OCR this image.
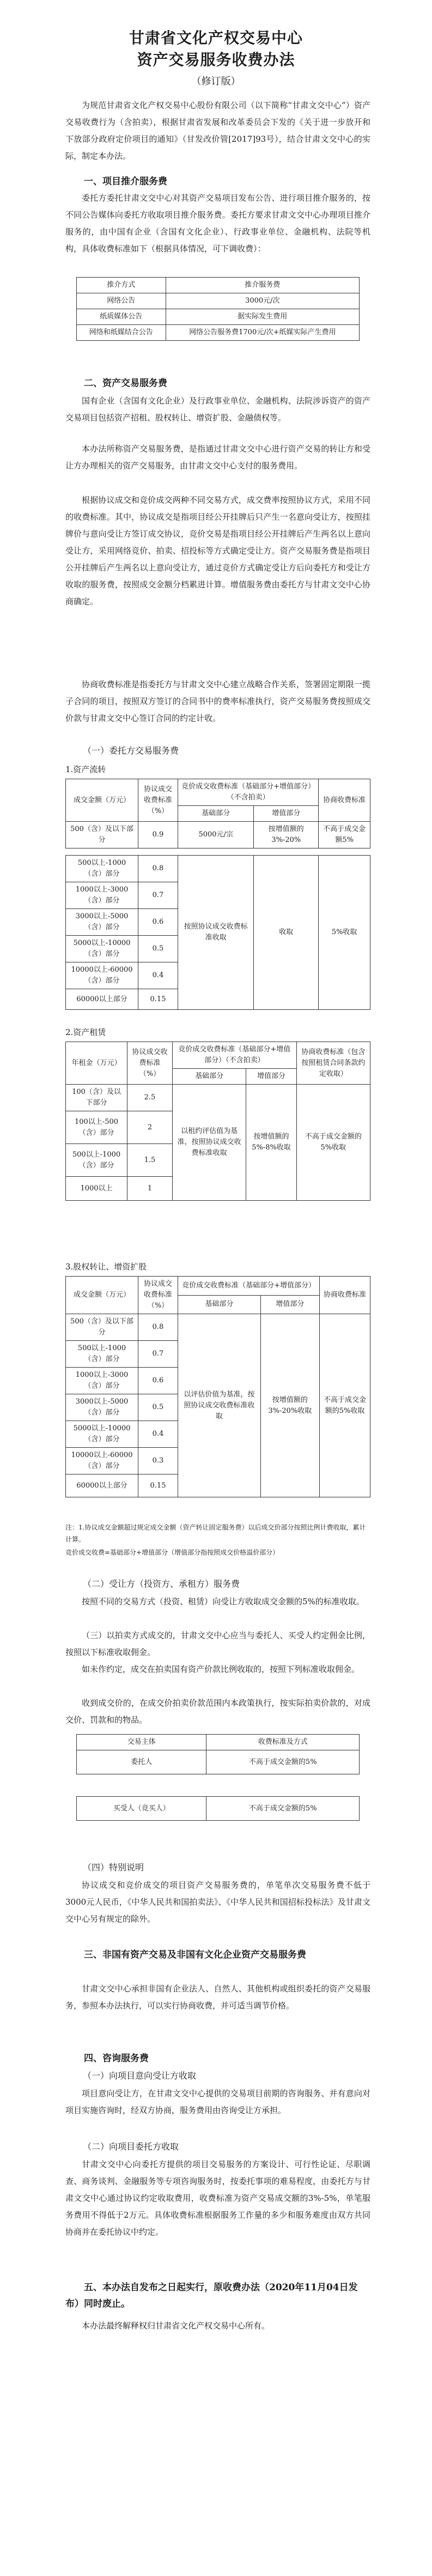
甘肃省文化产权交易中心
资产交易服务收费办法
（修订版）
为规范甘肃省文化产权交易中心股份有限公司（以下简称“甘肃文交中心”）资产交易收费行为（含拍卖），根据甘肃省发展和改革委员会下发的《关于进一步放开和下放部分政府定价项目的通知》（甘发改价管[2017]93号），结合甘肃文交中心的实际，制定本办法。
一、项目推介服务费
委托方委托甘肃文交中心对其资产交易项目发布公告、进行项目推介服务的，按不同公告媒体向委托方收取项目推介服务费。委托方要求甘肃文交中心办理项目推介服务的，由中国有企业（含国有文化企业）、行政事业单位、金融机构、法院等机构，具体收费标准如下（根据具体情况，可下调收费）：
推介方式	推介服务费
网络公告	3000元/次
纸质媒体公告	据实际发生费用
网络和纸媒结合公告	网络公告服务费1700元/次+纸媒实际产生费用
二、资产交易服务费
国有企业（含国有文化企业）及行政事业单位、金融机构、法院涉诉资产的资产交易项目包括资产招租、股权转让、增资扩股、金融债权等。
本办法所称资产交易服务费，是指通过甘肃文交中心进行资产交易的转让方和受让方办理相关的资产交易服务，由甘肃文交中心支付的服务费用。
根据协议成交和竞价成交两种不同交易方式，成交费率按照协议方式，采用不同的收费标准。其中，协议成交是指项目经公开挂牌后只产生一名意向受让方，按照挂牌价与意向受让方签订成交协议，竞价交易是指项目经公开挂牌后产生两名以上意向受让方，采用网络竞价、拍卖、招投标等方式确定受让方。资产交易服务费是指项目公开挂牌后产生两名以上意向受让方，通过竞价方式确定受让方后向委托方和受让方收取的服务费，按照成交金额分档累进计算。增值服务费由委托方与甘肃文交中心协商确定。
协商收费标准是指委托方与甘肃文交中心建立战略合作关系，签署固定期限一揽子合同的项目，按照双方签订的合同书中的费率标准执行，资产交易服务费按照成交价款与甘肃文交中心签订合同的约定计收。
（一）委托方交易服务费
1.资产流转
成交金额（万元）	协议成交收费标准（%）	竞价成交收费标准（基础部分+增值部分）（不含拍卖）		协商收费标准
		基础部分	增值部分	
500（含）及以下部分	0.9	5000元/宗	按增值额的3%-20%	不高于成交金额5%

500以上-1000（含）部分	0.8	按照协议成交收费标准收取	收取	5%收取
1000以上-3000（含）部分	0.7			
3000以上-5000（含）部分	0.6			
5000以上-10000（含）部分	0.5			
10000以上-60000（含）部分	0.4			
60000以上部分	0.15			
2.资产租赁
年租金（万元）	协议成交收费标准（%）	竞价成交收费标准（基础部分+增值部分）（不含拍卖）		协商收费标准（包含按照租赁合同条款约定收取）
		基础部分	增值部分	
100（含）及以下部分	2.5	以租约评估值为基准，按照协议成交收费标准收取	按增值额的5%-8%收取	不高于成交金额的5%收取
100以上-500（含）部分	2			
500以上-1000（含）部分	1.5			
1000以上	1			
3.股权转让、增资扩股
成交金额（万元）	协议成交收费标准（%）	竞价成交收费标准（基础部分+增值部分）		协商收费标准
		基础部分	增值部分	
500（含）及以下部分	0.8	以评估价值为基准，按照协议成交收费标准收取	按增值额的3%-20%收取	不高于成交金额的5%收取
500以上-1000（含）部分	0.7			
1000以上-3000（含）部分	0.6			
3000以上-5000（含）部分	0.5			
5000以上-10000（含）部分	0.4			
10000以上-60000（含）部分	0.3			
60000以上部分	0.15			
注：1.协议成交金额超过规定成交金额（资产转让固定服务费）以后成交价部分按照比例计费收取，累计计算。
竞价成交收费=基础部分+增值部分（增值部分指按照成交价格溢价部分）
（二）受让方（投资方、承租方）服务费
按照不同的交易方式（投资、租赁）向受让方收取成交金额的5%的标准收取。
（三）以拍卖方式成交的，甘肃文交中心应当与委托人、买受人约定佣金比例，按照以下标准收取佣金。
如未作约定，成交在拍卖国有资产价款比例收取的，按照下列标准收取佣金。
收到成交价的，在成交价拍卖价款范围内本政策执行，按实际拍卖价款的，对成交价、罚款和的物品。
交易主体	收费标准及方式
委托人	不高于成交金额的5%

买受人（竞买人）	不高于成交金额的5%
（四）特别说明
协议成交和竞价成交的项目资产交易服务费的，单笔单次交易服务费不低于3000元人民币，《中华人民共和国拍卖法》、《中华人民共和国招标投标法》及甘肃文交中心另有规定的除外。
三、非国有资产交易及非国有文化企业资产交易服务费
甘肃文交中心承担非国有企业法人、自然人、其他机构或组织委托的资产交易服务，参照本办法执行，可以实行协商收费，并可适当调节价格。
四、咨询服务费
（一）向项目意向受让方收取
项目意向受让方，在甘肃文交中心提供的交易项目前期的咨询服务、并有意向对项目实施咨询时，经双方协商，服务费用由咨询受让方承担。
（二）向项目委托方收取
甘肃文交中心向委托方提供的项目交易服务的方案设计、可行性论证、尽职调查、商务谈判、金融服务等专项咨询服务时，按委托事项的难易程度，由委托方与甘肃文交中心通过协议约定收取费用，收费标准为资产交易成交额的3%-5%，单笔服务费用不得低于2万元。具体收费标准根据服务工作量的多少和服务难度由双方共同协商并在委托协议中约定。
五、本办法自发布之日起实行，原收费办法（2020年11月04日发布）同时废止。
本办法最终解释权归甘肃省文化产权交易中心所有。
